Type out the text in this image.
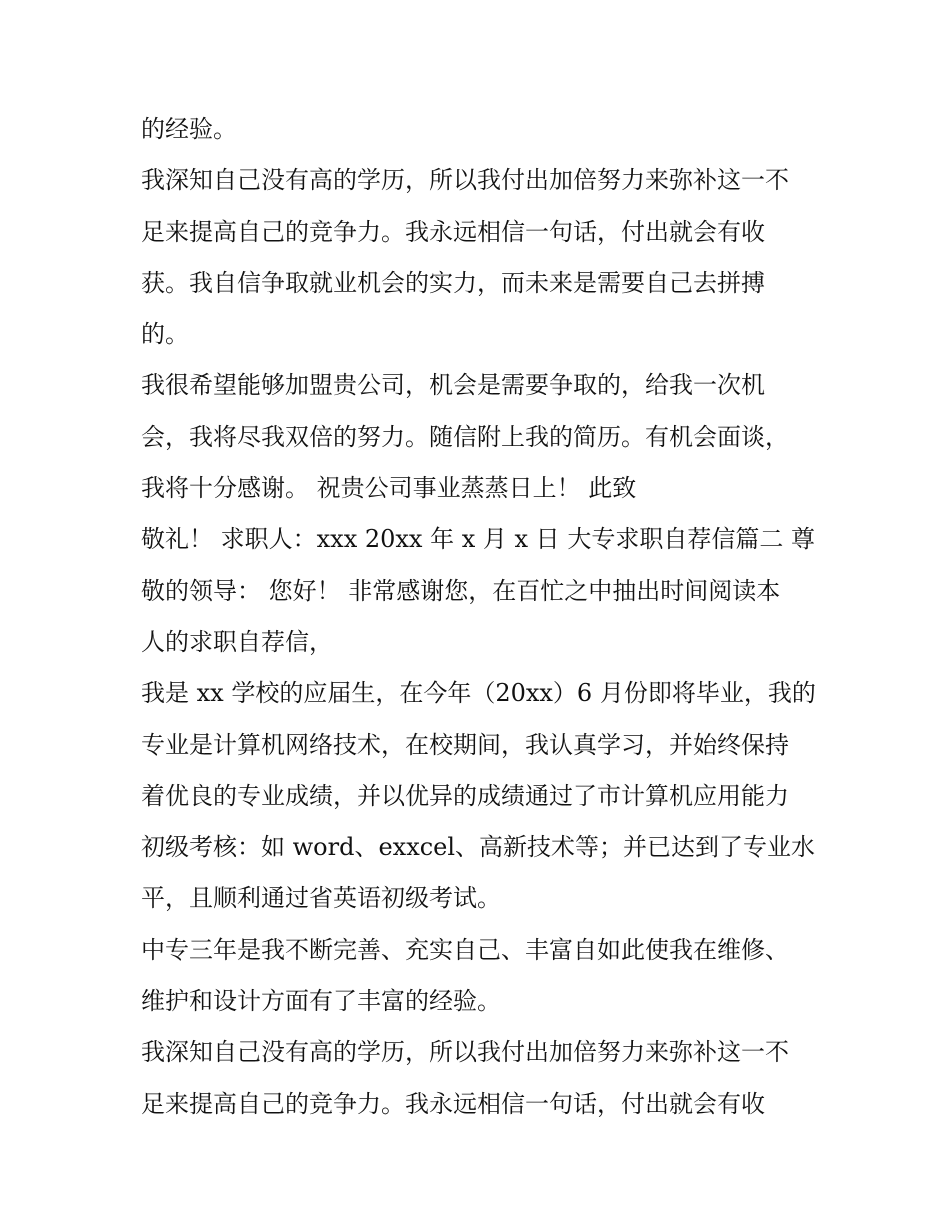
的经验。
我深知自己没有高的学历，所以我付出加倍努力来弥补这一不
足来提高自己的竞争力。我永远相信一句话，付出就会有收
获。我自信争取就业机会的实力，而未来是需要自己去拼搏
的。
我很希望能够加盟贵公司，机会是需要争取的，给我一次机
会，我将尽我双倍的努力。随信附上我的简历。有机会面谈，
我将十分感谢。 祝贵公司事业蒸蒸日上！ 此致
敬礼！ 求职人：xxx 20xx 年 x 月 x 日 大专求职自荐信篇二 尊
敬的领导： 您好！ 非常感谢您，在百忙之中抽出时间阅读本
人的求职自荐信，
我是 xx 学校的应届生，在今年（20xx）6 月份即将毕业，我的
专业是计算机网络技术，在校期间，我认真学习，并始终保持
着优良的专业成绩，并以优异的成绩通过了市计算机应用能力
初级考核：如 word、exxcel、高新技术等；并已达到了专业水
平，且顺利通过省英语初级考试。
中专三年是我不断完善、充实自己、丰富自如此使我在维修、
维护和设计方面有了丰富的经验。
我深知自己没有高的学历，所以我付出加倍努力来弥补这一不
足来提高自己的竞争力。我永远相信一句话，付出就会有收
